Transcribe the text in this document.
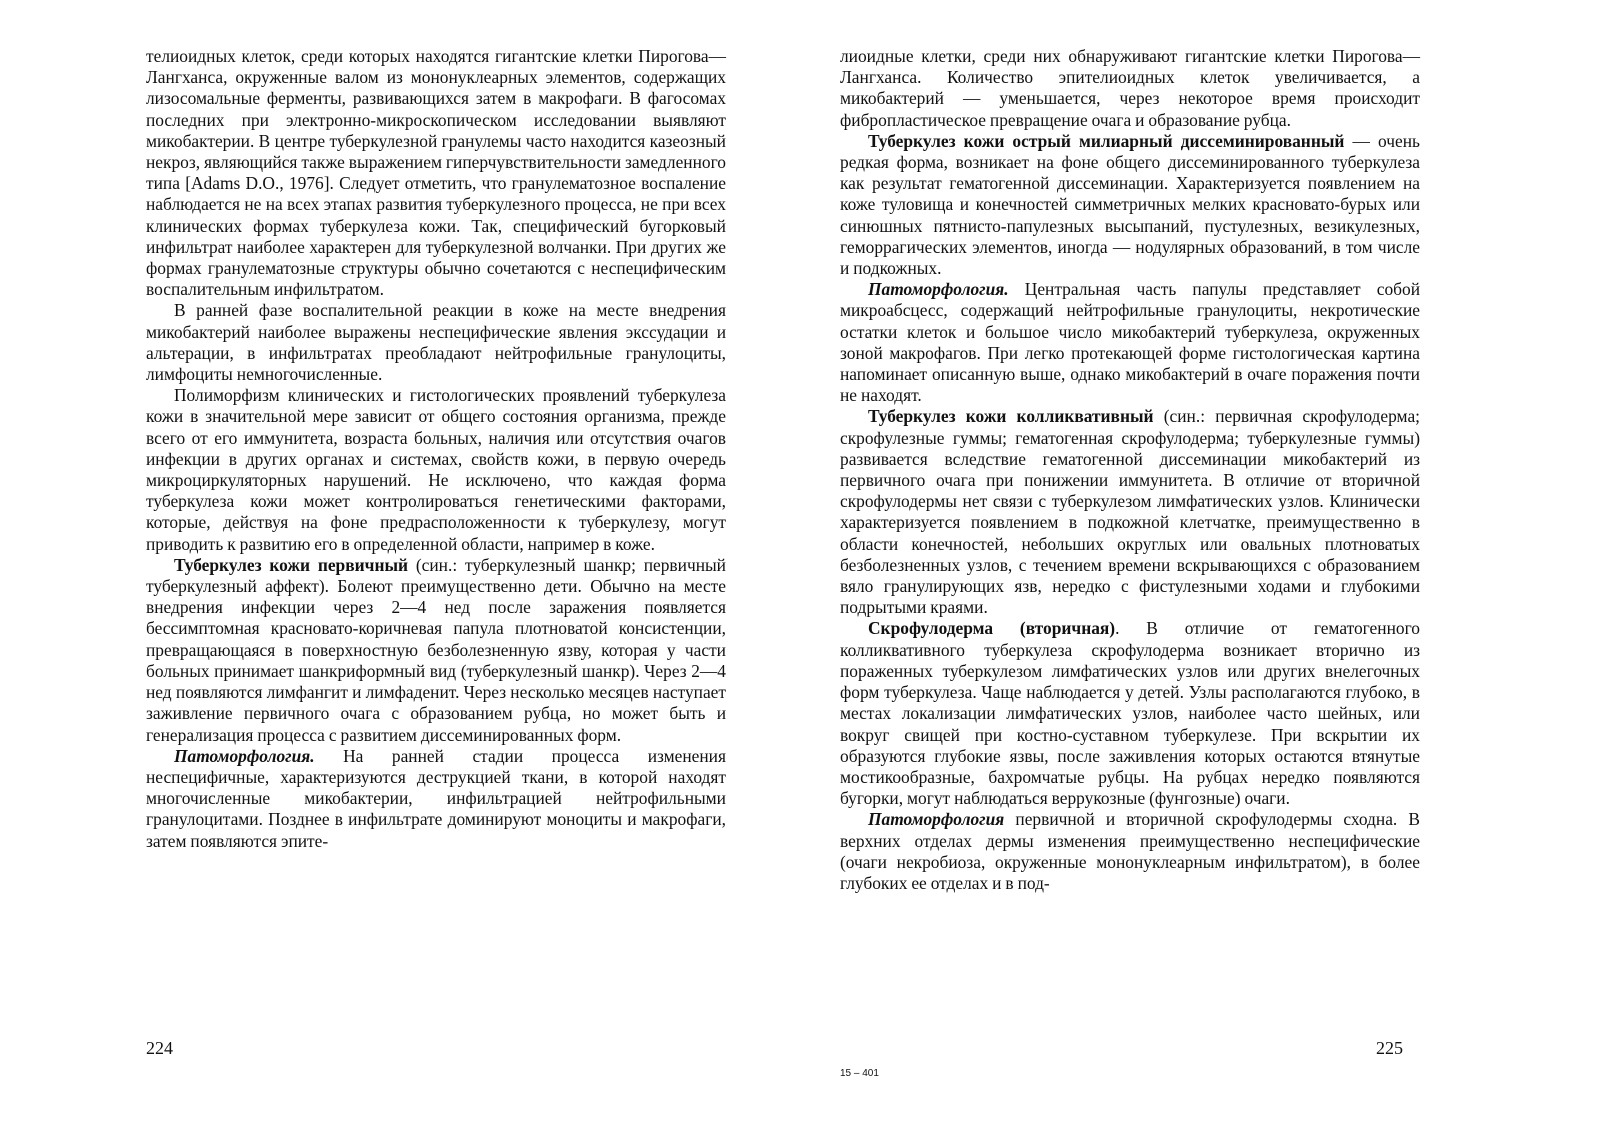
телиоидных клеток, среди которых находятся гигантские клетки Пирогова—Лангханса, окруженные валом из мононуклеарных элементов, содержащих лизосомальные ферменты, развивающихся затем в макрофаги. В фагосомах последних при электронно-микроскопическом исследовании выявляют микобактерии. В центре туберкулезной гранулемы часто находится казеозный некроз, являющийся также выражением гиперчувствительности замедленного типа [Adams D.O., 1976]. Следует отметить, что гранулематозное воспаление наблюдается не на всех этапах развития туберкулезного процесса, не при всех клинических формах туберкулеза кожи. Так, специфический бугорковый инфильтрат наиболее характерен для туберкулезной волчанки. При других же формах гранулематозные структуры обычно сочетаются с неспецифическим воспалительным инфильтратом.

В ранней фазе воспалительной реакции в коже на месте внедрения микобактерий наиболее выражены неспецифические явления экссудации и альтерации, в инфильтратах преобладают нейтрофильные гранулоциты, лимфоциты немногочисленные.

Полиморфизм клинических и гистологических проявлений туберкулеза кожи в значительной мере зависит от общего состояния организма, прежде всего от его иммунитета, возраста больных, наличия или отсутствия очагов инфекции в других органах и системах, свойств кожи, в первую очередь микроциркуляторных нарушений. Не исключено, что каждая форма туберкулеза кожи может контролироваться генетическими факторами, которые, действуя на фоне предрасположенности к туберкулезу, могут приводить к развитию его в определенной области, например в коже.

Туберкулез кожи первичный (син.: туберкулезный шанкр; первичный туберкулезный аффект). Болеют преимущественно дети. Обычно на месте внедрения инфекции через 2—4 нед после заражения появляется бессимптомная красновато-коричневая папула плотноватой консистенции, превращающаяся в поверхностную безболезненную язву, которая у части больных принимает шанкриформный вид (туберкулезный шанкр). Через 2—4 нед появляются лимфангит и лимфаденит. Через несколько месяцев наступает заживление первичного очага с образованием рубца, но может быть и генерализация процесса с развитием диссеминированных форм.

Патоморфология. На ранней стадии процесса изменения неспецифичные, характеризуются деструкцией ткани, в которой находят многочисленные микобактерии, инфильтрацией нейтрофильными гранулоцитами. Позднее в инфильтрате доминируют моноциты и макрофаги, затем появляются эпите-

224

лиоидные клетки, среди них обнаруживают гигантские клетки Пирогова—Лангханса. Количество эпителиоидных клеток увеличивается, а микобактерий — уменьшается, через некоторое время происходит фибропластическое превращение очага и образование рубца.

Туберкулез кожи острый милиарный диссеминированный — очень редкая форма, возникает на фоне общего диссеминированного туберкулеза как результат гематогенной диссеминации. Характеризуется появлением на коже туловища и конечностей симметричных мелких красновато-бурых или синюшных пятнисто-папулезных высыпаний, пустулезных, везикулезных, геморрагических элементов, иногда — нодулярных образований, в том числе и подкожных.

Патоморфология. Центральная часть папулы представляет собой микроабсцесс, содержащий нейтрофильные гранулоциты, некротические остатки клеток и большое число микобактерий туберкулеза, окруженных зоной макрофагов. При легко протекающей форме гистологическая картина напоминает описанную выше, однако микобактерий в очаге поражения почти не находят.

Туберкулез кожи колликвативный (син.: первичная скрофулодерма; скрофулезные гуммы; гематогенная скрофулодерма; туберкулезные гуммы) развивается вследствие гематогенной диссеминации микобактерий из первичного очага при понижении иммунитета. В отличие от вторичной скрофулодермы нет связи с туберкулезом лимфатических узлов. Клинически характеризуется появлением в подкожной клетчатке, преимущественно в области конечностей, небольших округлых или овальных плотноватых безболезненных узлов, с течением времени вскрывающихся с образованием вяло гранулирующих язв, нередко с фистулезными ходами и глубокими подрытыми краями.

Скрофулодерма (вторичная). В отличие от гематогенного колликвативного туберкулеза скрофулодерма возникает вторично из пораженных туберкулезом лимфатических узлов или других внелегочных форм туберкулеза. Чаще наблюдается у детей. Узлы располагаются глубоко, в местах локализации лимфатических узлов, наиболее часто шейных, или вокруг свищей при костно-суставном туберкулезе. При вскрытии их образуются глубокие язвы, после заживления которых остаются втянутые мостикообразные, бахромчатые рубцы. На рубцах нередко появляются бугорки, могут наблюдаться веррукозные (фунгозные) очаги.

Патоморфология первичной и вторичной скрофулодермы сходна. В верхних отделах дермы изменения преимущественно неспецифические (очаги некробиоза, окруженные мононуклеарным инфильтратом), в более глубоких ее отделах и в под-

225
15 – 401
